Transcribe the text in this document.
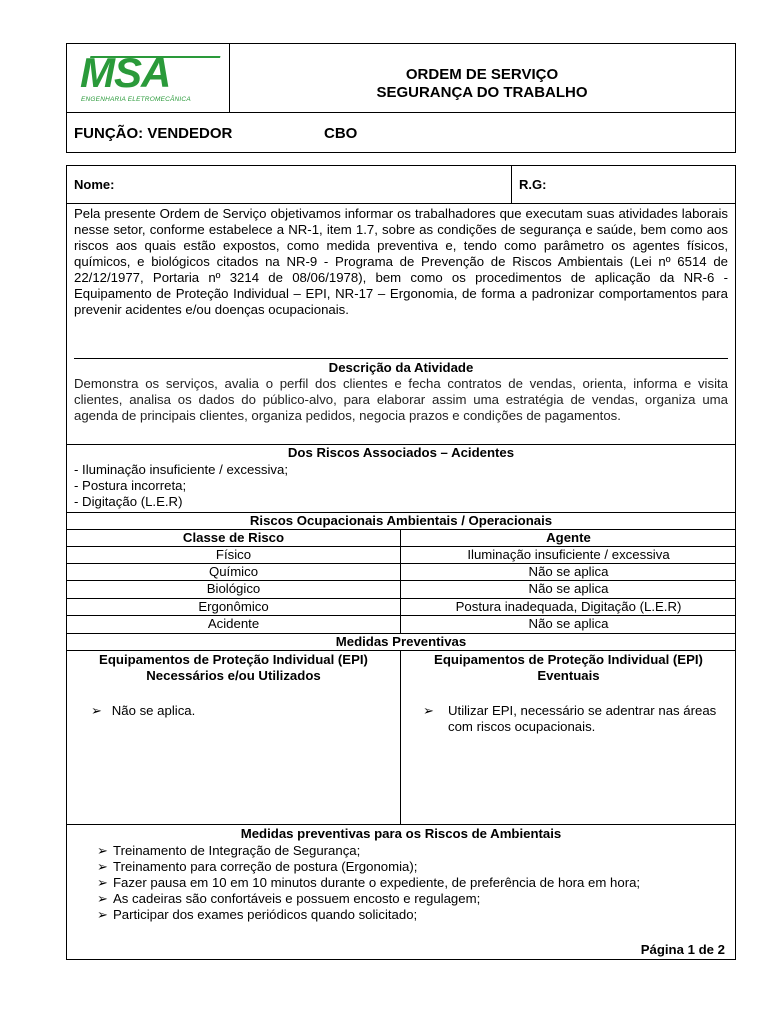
MSA
ENGENHARIA ELETROMECÂNICA
ORDEM DE SERVIÇO
SEGURANÇA DO TRABALHO
FUNÇÃO: VENDEDOR	CBO
Nome:	R.G:
Pela presente Ordem de Serviço objetivamos informar os trabalhadores que executam suas atividades laborais nesse setor, conforme estabelece a NR-1, item 1.7, sobre as condições de segurança e saúde, bem como aos riscos aos quais estão expostos, como medida preventiva e, tendo como parâmetro os agentes físicos, químicos, e biológicos citados na NR-9 - Programa de Prevenção de Riscos Ambientais (Lei nº 6514 de 22/12/1977, Portaria nº 3214 de 08/06/1978), bem como os procedimentos de aplicação da NR-6 - Equipamento de Proteção Individual – EPI, NR-17 – Ergonomia, de forma a padronizar comportamentos para prevenir acidentes e/ou doenças ocupacionais.
Descrição da Atividade
Demonstra os serviços, avalia o perfil dos clientes e fecha contratos de vendas, orienta, informa e visita clientes, analisa os dados do público-alvo, para elaborar assim uma estratégia de vendas, organiza uma agenda de principais clientes, organiza pedidos, negocia prazos e condições de pagamentos.
Dos Riscos Associados – Acidentes
- Iluminação insuficiente / excessiva;
- Postura incorreta;
- Digitação (L.E.R)
Riscos Ocupacionais Ambientais / Operacionais
Classe de Risco	Agente
Físico	Iluminação insuficiente / excessiva
Químico	Não se aplica
Biológico	Não se aplica
Ergonômico	Postura inadequada, Digitação (L.E.R)
Acidente	Não se aplica
Medidas Preventivas
Equipamentos de Proteção Individual (EPI)
Necessários e/ou Utilizados
➢ Não se aplica.
Equipamentos de Proteção Individual (EPI)
Eventuais
➢ Utilizar EPI, necessário se adentrar nas áreas com riscos ocupacionais.
Medidas preventivas para os Riscos de Ambientais
➢ Treinamento de Integração de Segurança;
➢ Treinamento para correção de postura (Ergonomia);
➢ Fazer pausa em 10 em 10 minutos durante o expediente, de preferência de hora em hora;
➢ As cadeiras são confortáveis e possuem encosto e regulagem;
➢ Participar dos exames periódicos quando solicitado;
Página 1 de 2
